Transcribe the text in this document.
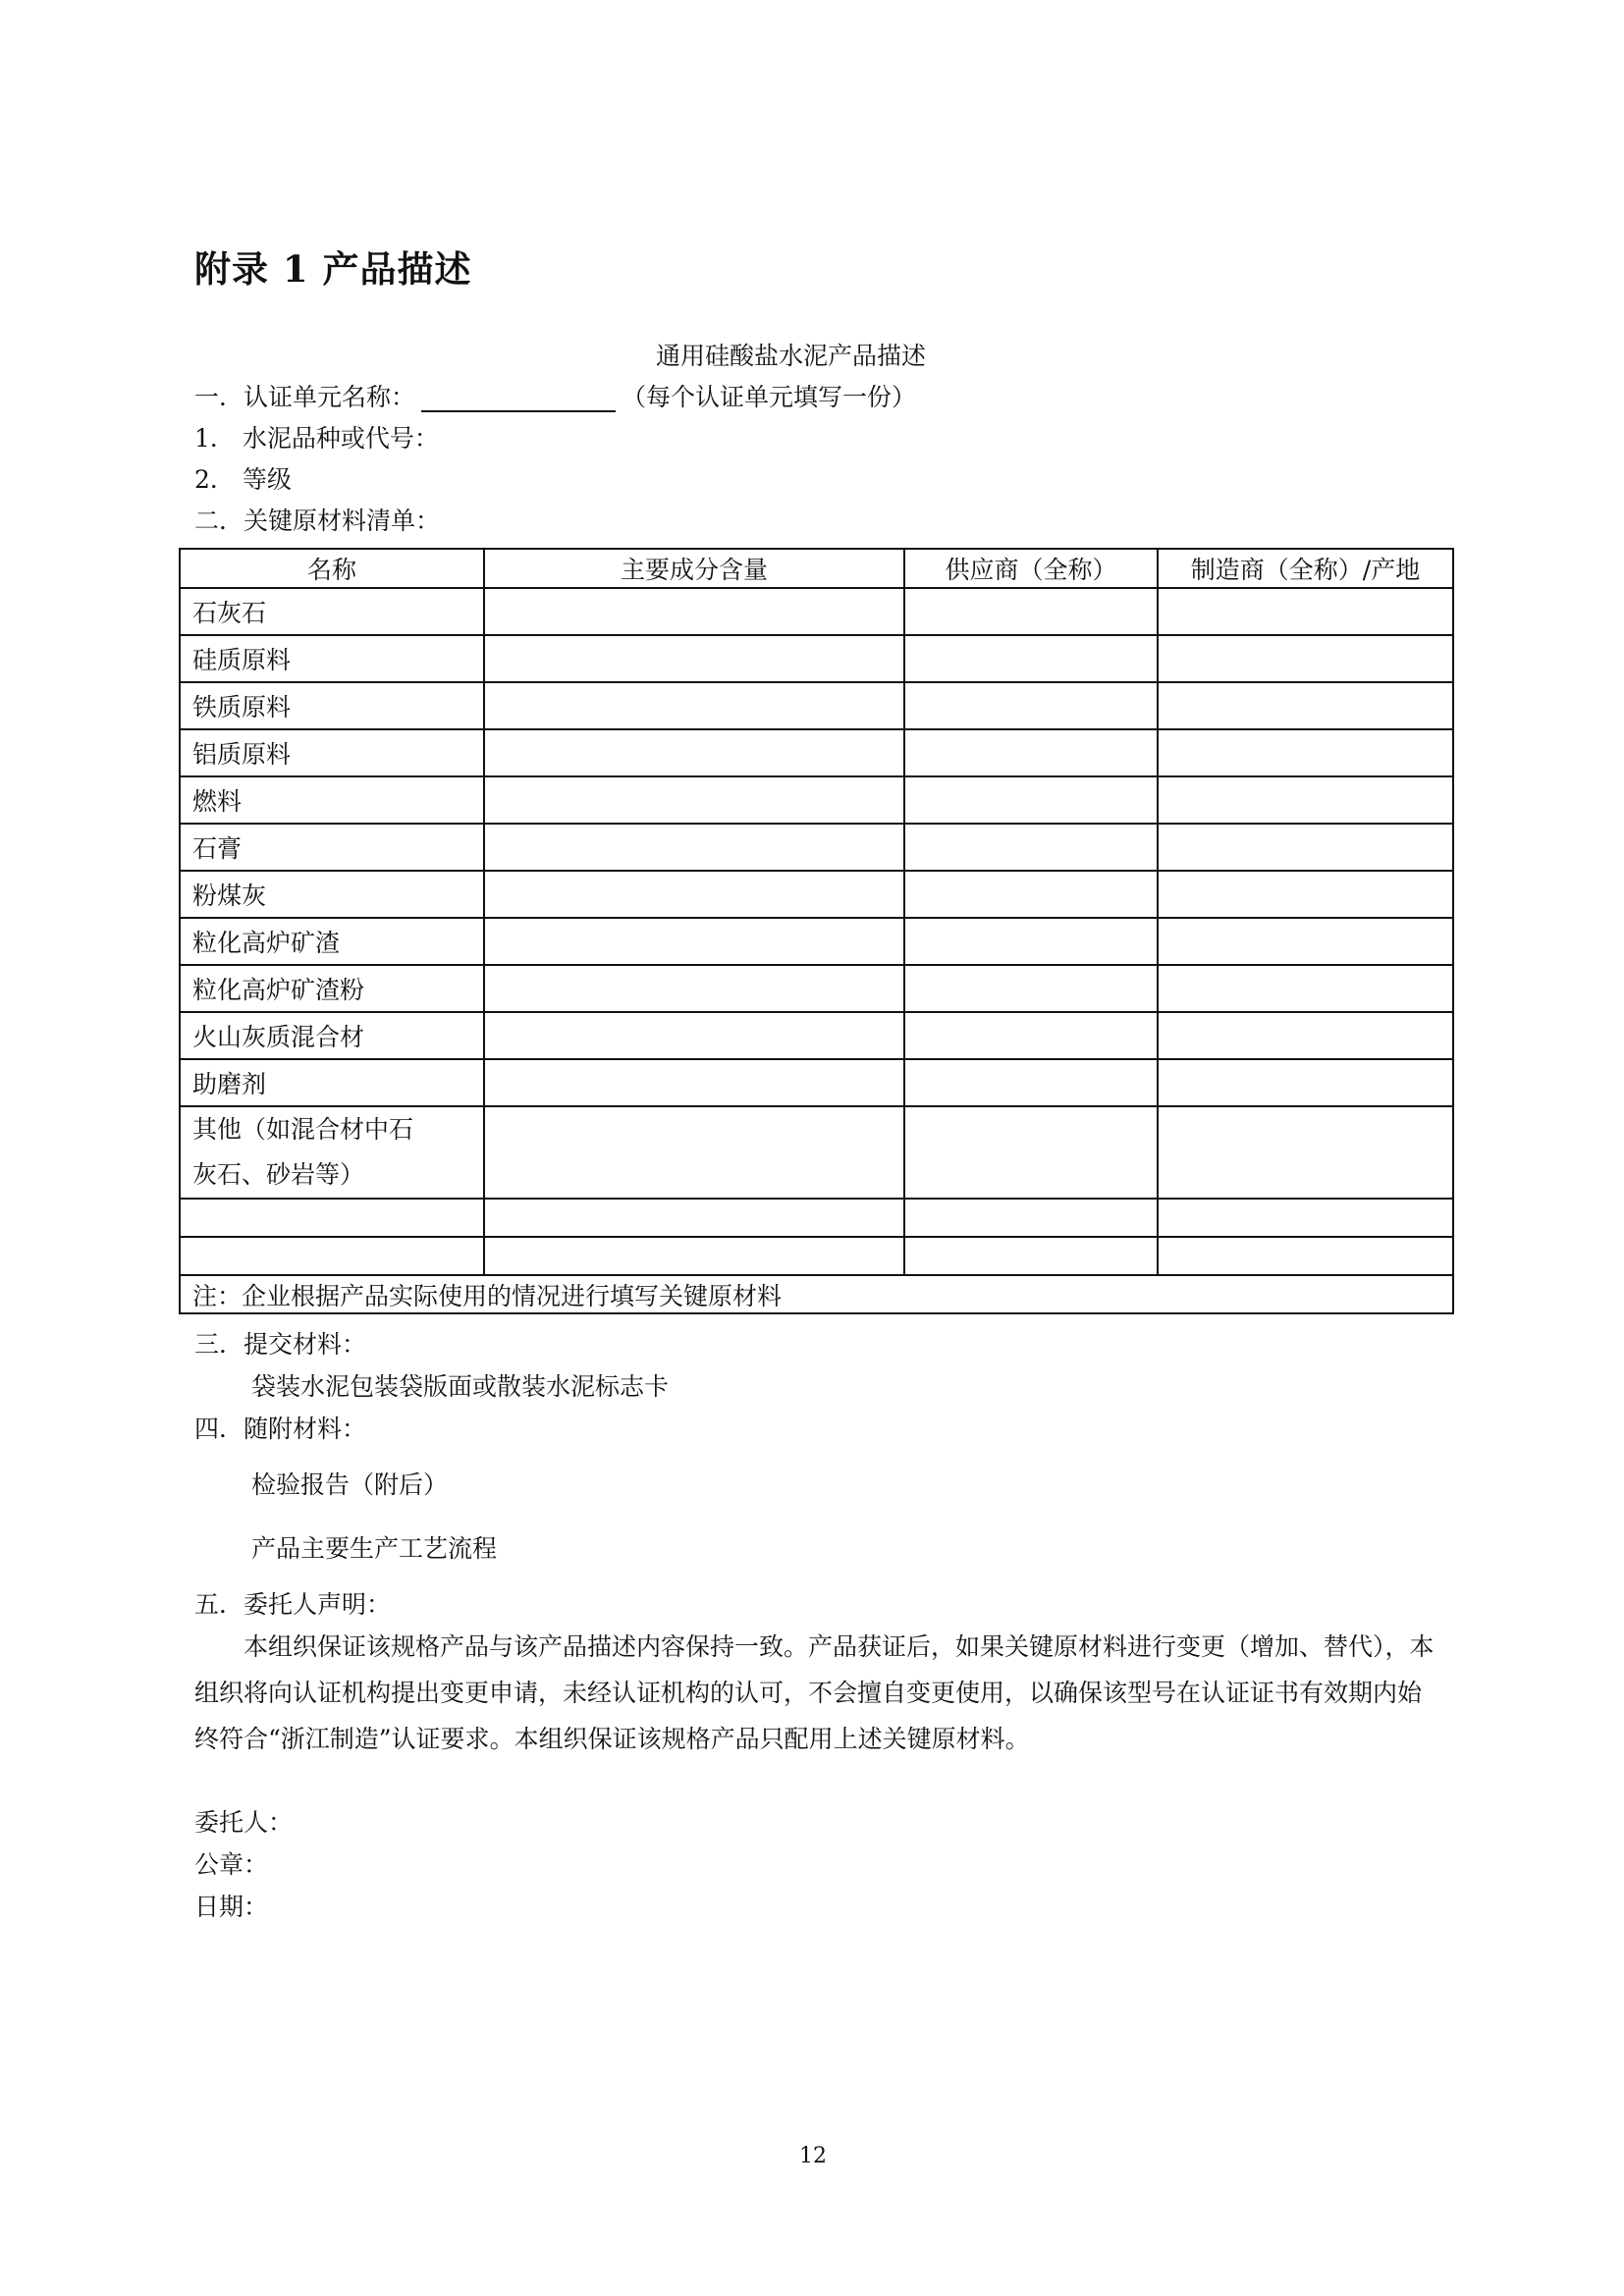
附录 1 产品描述
通用硅酸盐水泥产品描述
一．认证单元名称：	（每个认证单元填写一份）
1． 水泥品种或代号：
2． 等级
二．关键原材料清单：
名称	主要成分含量	供应商（全称）	制造商（全称）/产地
石灰石			
硅质原料			
铁质原料			
铝质原料			
燃料			
石膏			
粉煤灰			
粒化高炉矿渣			
粒化高炉矿渣粉			
火山灰质混合材			
助磨剂			
其他（如混合材中石
灰石、砂岩等）			

注：企业根据产品实际使用的情况进行填写关键原材料			
三．提交材料：
袋装水泥包装袋版面或散装水泥标志卡
四．随附材料：
检验报告（附后）
产品主要生产工艺流程
五．委托人声明：
本组织保证该规格产品与该产品描述内容保持一致。产品获证后，如果关键原材料进行变更（增加、替代），本组织将向认证机构提出变更申请，未经认证机构的认可，不会擅自变更使用，以确保该型号在认证证书有效期内始终符合“浙江制造”认证要求。本组织保证该规格产品只配用上述关键原材料。
委托人：
公章：
日期：
12
